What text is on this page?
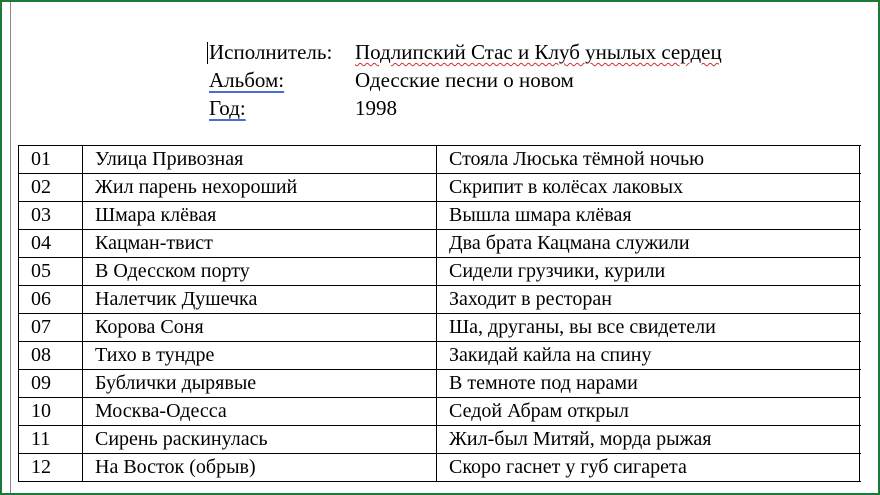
Исполнитель:	Подлипский Стас и Клуб унылых сердец
Альбом:	Одесские песни о новом
Год:	1998
01	Улица Привозная	Стояла Люська тёмной ночью	
02	Жил парень нехороший	Скрипит в колёсах лаковых	
03	Шмара клёвая	Вышла шмара клёвая	
04	Кацман-твист	Два брата Кацмана служили	
05	В Одесском порту	Сидели грузчики, курили	
06	Налетчик Душечка	Заходит в ресторан	
07	Корова Соня	Ша, друганы, вы все свидетели	
08	Тихо в тундре	Закидай кайла на спину	
09	Бублички дырявые	В темноте под нарами	
10	Москва-Одесса	Седой Абрам открыл	
11	Сирень раскинулась	Жил-был Митяй, морда рыжая	
12	На Восток (обрыв)	Скоро гаснет у губ сигарета	
